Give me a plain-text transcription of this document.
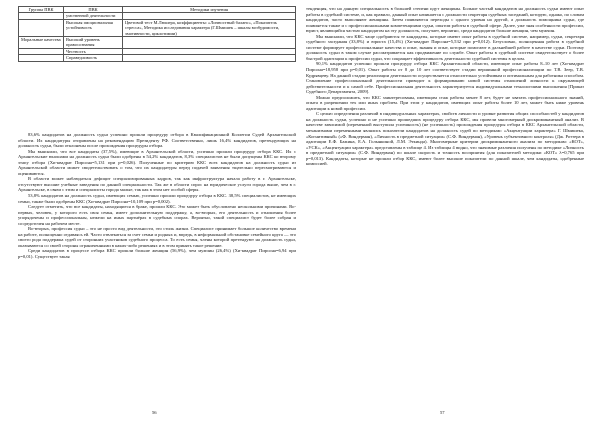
Группы ПВК	ПВК	Методики изучения
	умственной деятельности	
	Высокая эмоциональная устойчивость	Цветовой тест М.Люшера, коэффициенты: «Личностный баланс», «Показатель стресса», Методика исследования характера (Г.Шмишек – шкалы возбудимости, эмотивности, циклотимии)
Моральные качества	Высокий уровень правосознания	
	Честность	
	Справедливость	

83,6% кандидатов на должность судьи успешно прошли процедуру отбора в Квалификационной Коллегии Судей Архангельской области. Их кандидатуры отправлены на рекомендацию Президенту РФ. Соответственно, лишь 16,4% кандидатов, претендующих на должность судьи, были отклонены после прохождения процедуры отбора.

Мы выяснили, что все кандидаты (37,5%), имеющие в Архангельской области, успешно прошли процедуру отбора ККС. Их с Архангельские юношами на должность судьи были одобрены в 54,2% кандидатов, 8,3% специалистов не были допущены ККС ко второму этапу отбора (Хи-квадрат Пирсона=5,131 при p=0,026). Полученные по критерию ККС всех кандидатов на должность судьи из Архангельской области может свидетельствовать о том, что их кандидатуры перед подачей заявления тщательно пересматриваются и оцениваются.

В области может наблюдаться дефицит специализированных кадров, так как инфраструктура начала работу в г. Архангельске, отсутствуют высшие учебные заведения по данной специальности. Так же в области спрос на юридическое услуги города выше, чем в г. Архангельске, в связи с этим и специалисты города малые, так как в этом нет особой сферы.

53,8% кандидатов на должность судьи, имеющих семью, успешно прошли процедуру отбора в ККС. 38,5% специалистов, не имеющих семьи, также были одобрены ККС (Хи-квадрат Пирсона=10,109 при p=0,002).

Следует отметить, что все кандидаты, находящиеся в браке, прошли ККС. Это может быть обусловлено несколькими причинами. Во-первых, человек, у которого есть своя семья, имеет дополнительную поддержку, а, во-вторых, его деятельность и отношения более упорядочены и профессиональны, нежели на иных партнёрах в судебных спорах. Вероятно, такой специалист будет более собран и сосредоточен на рабочем месте.

Во-вторых, профессия судьи – это не просто вид деятельности, это стиль жизни. Специалист принимает большое количество времени на работе, полноценно отдаваясь ей. Часто отвлекаться за счет семьи и родных и, впредь, в неформальной обстановке семейного круга — это своего рода поддержка судей от сторонних участников судебного процесса. То есть семья, члены которой претендуют на должность судьи, оказываются со своей стороны ограниченными в каких-либо решениях и в этом принять такое решение.

Среди кандидатов в процессе отбора ККС прошли больше женщин (56,9%), чем мужчин (26,4%) (Хи-квадрат Пирсона=6,94 при p=0,01). Существует такая

56

тенденция, что на данную специальность в большей степени идут женщины. Больше частый кандидатов на должность судьи имеют опыт работы в судебной системе, и, как правило, данный опыт начинается с должности секретаря судебных заседаний, которую, однако, по словам кандидатов, часто выполняют женщины. Затем появляются переходы с одного уровня на другой, а должность помощника судьи, где появляется также и с профессиональными компетенциями судьи, опытом работы в судебной сфере. Далее, уже зная особенности профессии, юрист, являющийся частью кандидатом на эту должность, получает, вероятно, среди кандидатов больше женщин, чем мужчин.

Мы выяснили, что ККС чаще одобряются те кандидаты, которые имеют опыт работы в судебной системе, например, судьи, секретаря судебного заседания (33,8%) и юриста (15,4%) (Хи-квадрат Пирсона=5,532 при p=0,012). Безусловно, полноценная работа в судебной системе формирует профессиональные качества и опыт, знания и опыт, которые помогают в дальнейшей работе в качестве судьи. Поэтому должность судьи в таком случае рассматривается как продвижение по службе. Опыт работы в судебной системе свидетельствует о более быстрой адаптации к профессии судьи, что сокращает эффективность деятельности судебной системы в целом.

90,1% кандидатов успешно прошли процедуру отбора ККС Архангельской области, имеющие опыт работы 8–10 лет (Хи-квадрат Пирсона=18,958 при p=0,01). Опыт работы от 8 до 10 лет соответствует стадии вершинной профессионализации по Т.В. Зеер, Т.В. Кудрявцеву. На данной стадии реализации деятельности осуществляется относительно устойчивым и оптимальным для работника способом. Становление профессиональной деятельности приводит к формированию новой системы отношений личности к окружающей действительности и к самой себе. Профессиональная деятельность характеризуется индивидуальными технологиями выполнения [Приказ Судебного Департамента, 2009].

Можно предположить, что ККС заинтересованы, имеющим стаж работы менее 8 лет, будет не хватать профессионального знаний, опыта в разрешении тех или иных проблем. При этом у кандидатов, имеющих опыт работы более 10 лет, может быть ниже уровень адаптации к новой профессии.

С целью определения различий в индивидуальных характерах, свойств личности и уровне развития общих способностей у кандидатов на должность судьи, успешно и не успешно прошедших процедуру отбора ККС, мы провели многомерный дискриминантный анализ. В качестве зависимой (переменной выступила успешность) (не успешность) прохождения процедуры отбора в ККС Архангельской области, механизмами переменными являлись показатели кандидатов на должность судей по методикам: «Акцентуации характера» Г. Шмишека, «Когнитивный» («Ф. Виндерман), «Личность в предметной ситуации» (С.Ф. Виндерман), «Уровень субъективного контроля» (Дж. Роттера в адаптации Е.Ф. Бажина, Е.А. Голынкиной, Л.М. Эткинда). Многомерные критерии дискриминантного анализа по методикам: «КОТ», «УСК», «Акцентуации характера» представлены в таблице 4. Из таблицы 4 видно, что значимые различия получены по методике «Личность в предметной ситуации» (С.Ф. Виндерман) по шкале скорость и точность восприятия (для показателей методики «КОТ» λ=0,765 при p=0,013). Кандидаты, которые не прошли отбор ККС, имеют более высокие показатели по данной шкале, чем кандидаты, одобренные комиссией.

57
